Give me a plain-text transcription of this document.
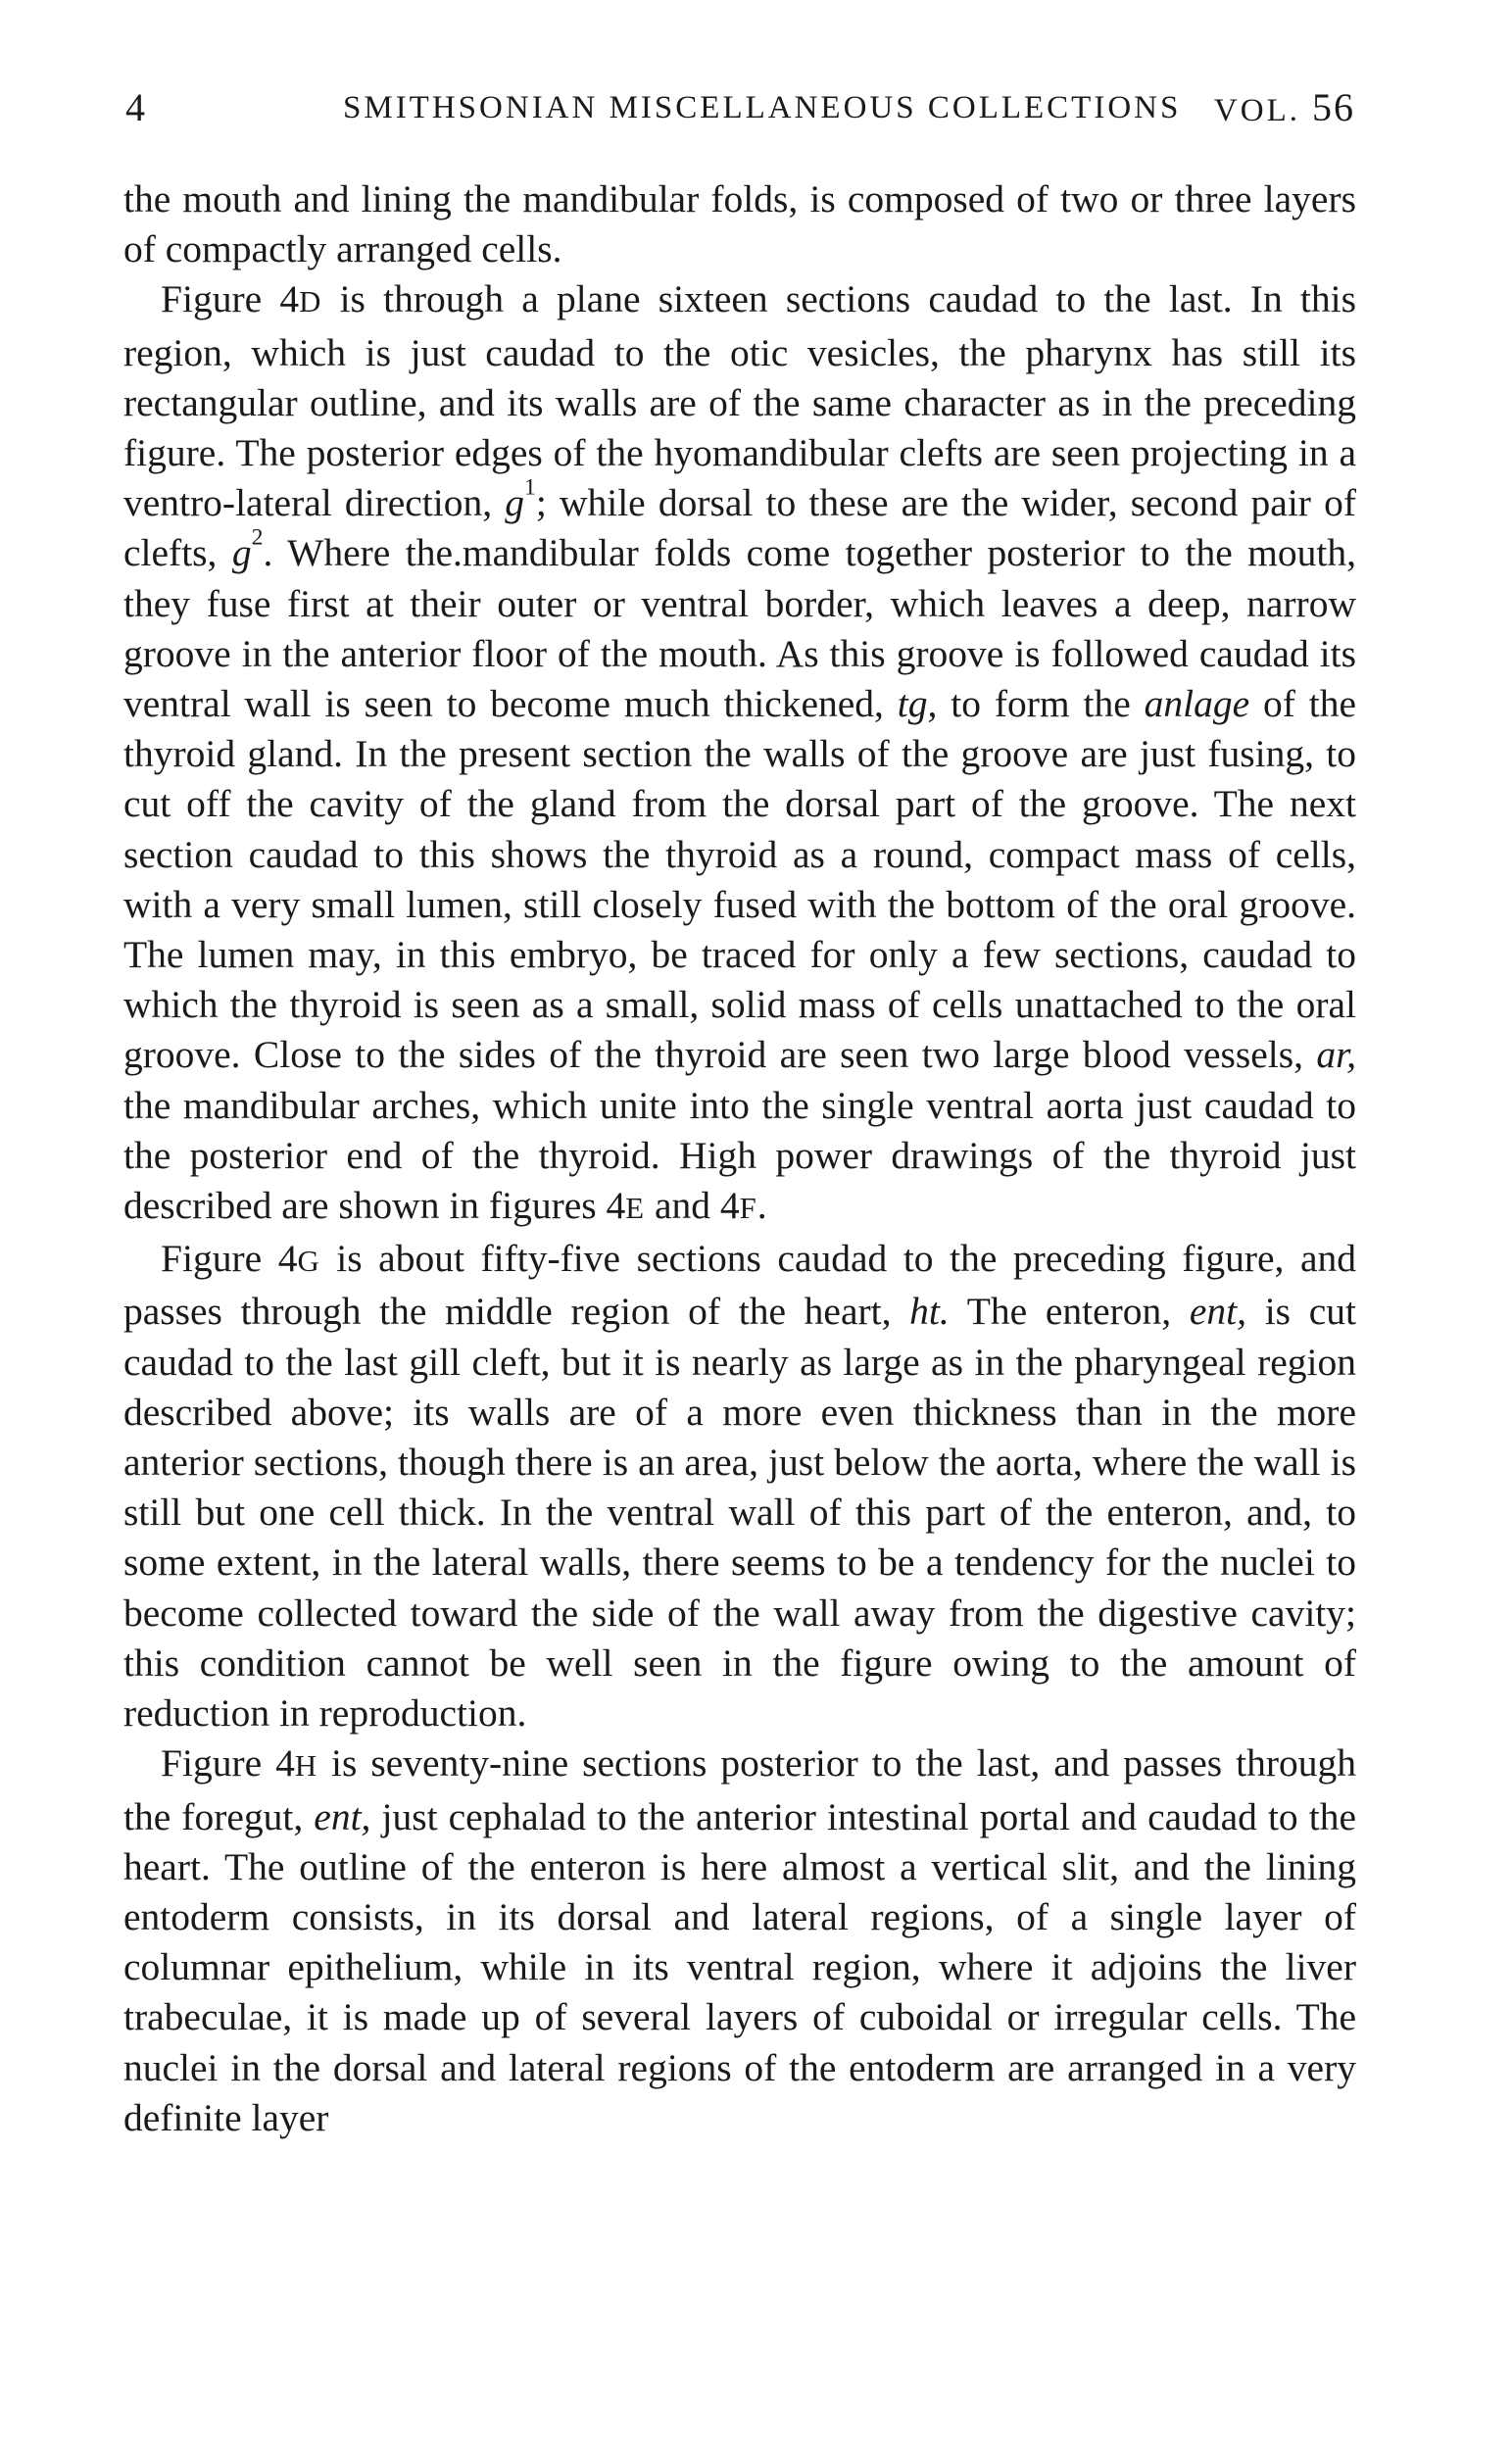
4	SMITHSONIAN MISCELLANEOUS COLLECTIONS VOL. 56

the mouth and lining the mandibular folds, is composed of two or three layers of compactly arranged cells.

Figure 4D is through a plane sixteen sections caudad to the last. In this region, which is just caudad to the otic vesicles, the pharynx has still its rectangular outline, and its walls are of the same character as in the preceding figure. The posterior edges of the hyomandibular clefts are seen projecting in a ventro-lateral direction, $g^1$; while dorsal to these are the wider, second pair of clefts, $g^2$. Where the.mandibular folds come together posterior to the mouth, they fuse first at their outer or ventral border, which leaves a deep, narrow groove in the anterior floor of the mouth. As this groove is followed caudad its ventral wall is seen to become much thickened, tg, to form the anlage of the thyroid gland. In the present section the walls of the groove are just fusing, to cut off the cavity of the gland from the dorsal part of the groove. The next section caudad to this shows the thyroid as a round, compact mass of cells, with a very small lumen, still closely fused with the bottom of the oral groove. The lumen may, in this embryo, be traced for only a few sections, caudad to which the thyroid is seen as a small, solid mass of cells unattached to the oral groove. Close to the sides of the thyroid are seen two large blood vessels, ar, the mandibular arches, which unite into the single ventral aorta just caudad to the posterior end of the thyroid. High power drawings of the thyroid just described are shown in figures 4E and 4F.

Figure 4G is about fifty-five sections caudad to the preceding figure, and passes through the middle region of the heart, ht. The enteron, ent, is cut caudad to the last gill cleft, but it is nearly as large as in the pharyngeal region described above; its walls are of a more even thickness than in the more anterior sections, though there is an area, just below the aorta, where the wall is still but one cell thick. In the ventral wall of this part of the enteron, and, to some extent, in the lateral walls, there seems to be a tendency for the nuclei to become collected toward the side of the wall away from the digestive cavity; this condition cannot be well seen in the figure owing to the amount of reduction in reproduction.

Figure 4H is seventy-nine sections posterior to the last, and passes through the foregut, ent, just cephalad to the anterior intestinal portal and caudad to the heart. The outline of the enteron is here almost a vertical slit, and the lining entoderm consists, in its dorsal and lateral regions, of a single layer of columnar epithelium, while in its ventral region, where it adjoins the liver trabeculae, it is made up of several layers of cuboidal or irregular cells. The nuclei in the dorsal and lateral regions of the entoderm are arranged in a very definite layer
